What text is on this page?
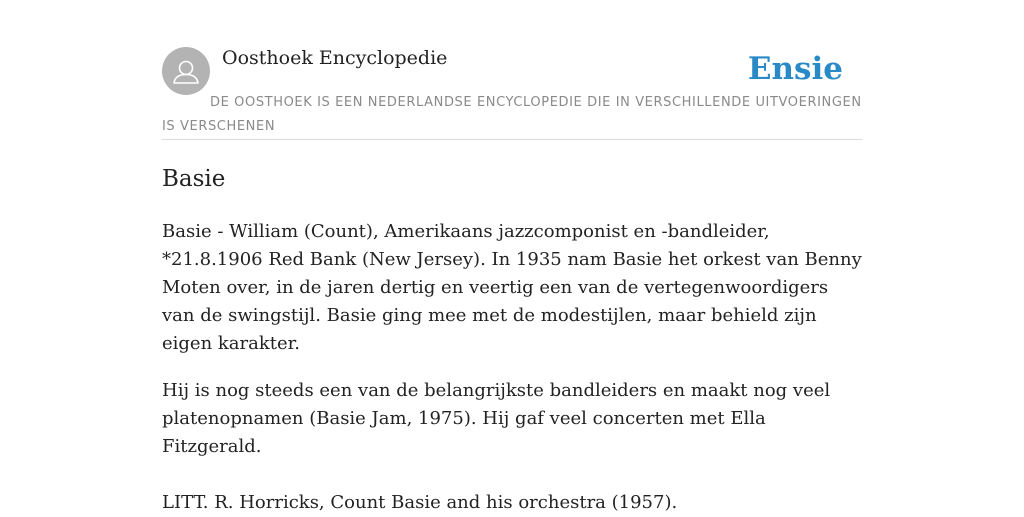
Oosthoek Encyclopedie	Ensie

DE OOSTHOEK IS EEN NEDERLANDSE ENCYCLOPEDIE DIE IN VERSCHILLENDE UITVOERINGEN IS VERSCHENEN

Basie

Basie - William (Count), Amerikaans jazzcomponist en -bandleider, *21.8.1906 Red Bank (New Jersey). In 1935 nam Basie het orkest van Benny Moten over, in de jaren dertig en veertig een van de vertegenwoordigers van de swingstijl. Basie ging mee met de modestijlen, maar behield zijn eigen karakter.

Hij is nog steeds een van de belangrijkste bandleiders en maakt nog veel platenopnamen (Basie Jam, 1975). Hij gaf veel concerten met Ella Fitzgerald.

LITT. R. Horricks, Count Basie and his orchestra (1957).
